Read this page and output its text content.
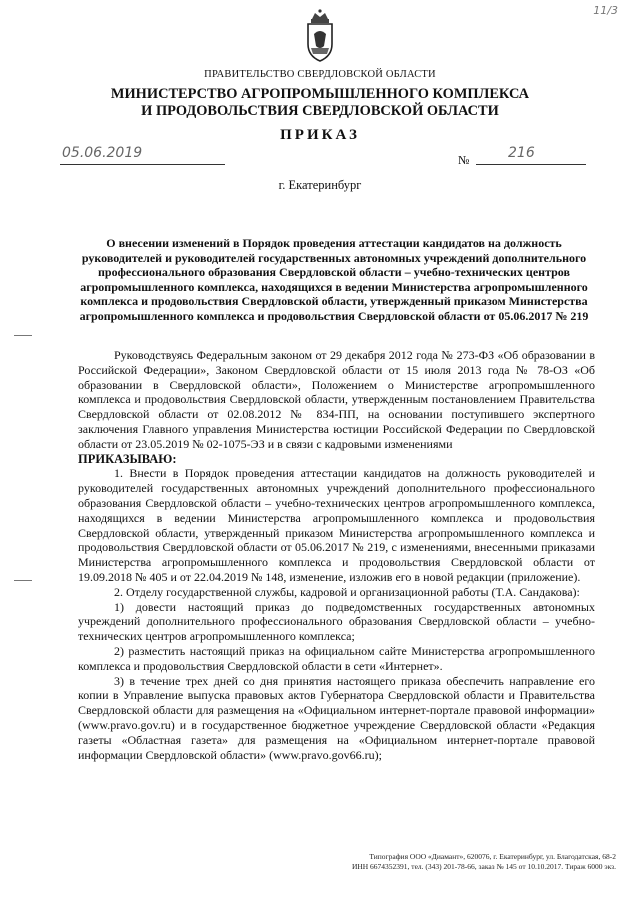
11/3
ПРАВИТЕЛЬСТВО СВЕРДЛОВСКОЙ ОБЛАСТИ
МИНИСТЕРСТВО АГРОПРОМЫШЛЕННОГО КОМПЛЕКСА
И ПРОДОВОЛЬСТВИЯ СВЕРДЛОВСКОЙ ОБЛАСТИ
ПРИКАЗ
05.06.2019	№	216
г. Екатеринбург
О внесении изменений в Порядок проведения аттестации кандидатов на должность руководителей и руководителей государственных автономных учреждений дополнительного профессионального образования Свердловской области – учебно-технических центров агропромышленного комплекса, находящихся в ведении Министерства агропромышленного комплекса и продовольствия Свердловской области, утвержденный приказом Министерства агропромышленного комплекса и продовольствия Свердловской области от 05.06.2017 № 219

Руководствуясь Федеральным законом от 29 декабря 2012 года № 273-ФЗ «Об образовании в Российской Федерации», Законом Свердловской области от 15 июля 2013 года № 78-ОЗ «Об образовании в Свердловской области», Положением о Министерстве агропромышленного комплекса и продовольствия Свердловской области, утвержденным постановлением Правительства Свердловской области от 02.08.2012 № 834-ПП, на основании поступившего экспертного заключения Главного управления Министерства юстиции Российской Федерации по Свердловской области от 23.05.2019 № 02-1075-ЭЗ и в связи с кадровыми изменениями

ПРИКАЗЫВАЮ:

1. Внести в Порядок проведения аттестации кандидатов на должность руководителей и руководителей государственных автономных учреждений дополнительного профессионального образования Свердловской области – учебно-технических центров агропромышленного комплекса, находящихся в ведении Министерства агропромышленного комплекса и продовольствия Свердловской области, утвержденный приказом Министерства агропромышленного комплекса и продовольствия Свердловской области от 05.06.2017 № 219, с изменениями, внесенными приказами Министерства агропромышленного комплекса и продовольствия Свердловской области от 19.09.2018 № 405 и от 22.04.2019 № 148, изменение, изложив его в новой редакции (приложение).

2. Отделу государственной службы, кадровой и организационной работы (Т.А. Сандакова):

1) довести настоящий приказ до подведомственных государственных автономных учреждений дополнительного профессионального образования Свердловской области – учебно-технических центров агропромышленного комплекса;

2) разместить настоящий приказ на официальном сайте Министерства агропромышленного комплекса и продовольствия Свердловской области в сети «Интернет».

3) в течение трех дней со дня принятия настоящего приказа обеспечить направление его копии в Управление выпуска правовых актов Губернатора Свердловской области и Правительства Свердловской области для размещения на «Официальном интернет-портале правовой информации» (www.pravo.gov.ru) и в государственное бюджетное учреждение Свердловской области «Редакция газеты «Областная газета» для размещения на «Официальном интернет-портале правовой информации Свердловской области» (www.pravo.gov66.ru);

Типография ООО «Диамант», 620076, г. Екатеринбург, ул. Благодатская, 68-2
ИНН 6674352391, тел. (343) 201-78-66, заказ № 145 от 10.10.2017. Тираж 6000 экз.
